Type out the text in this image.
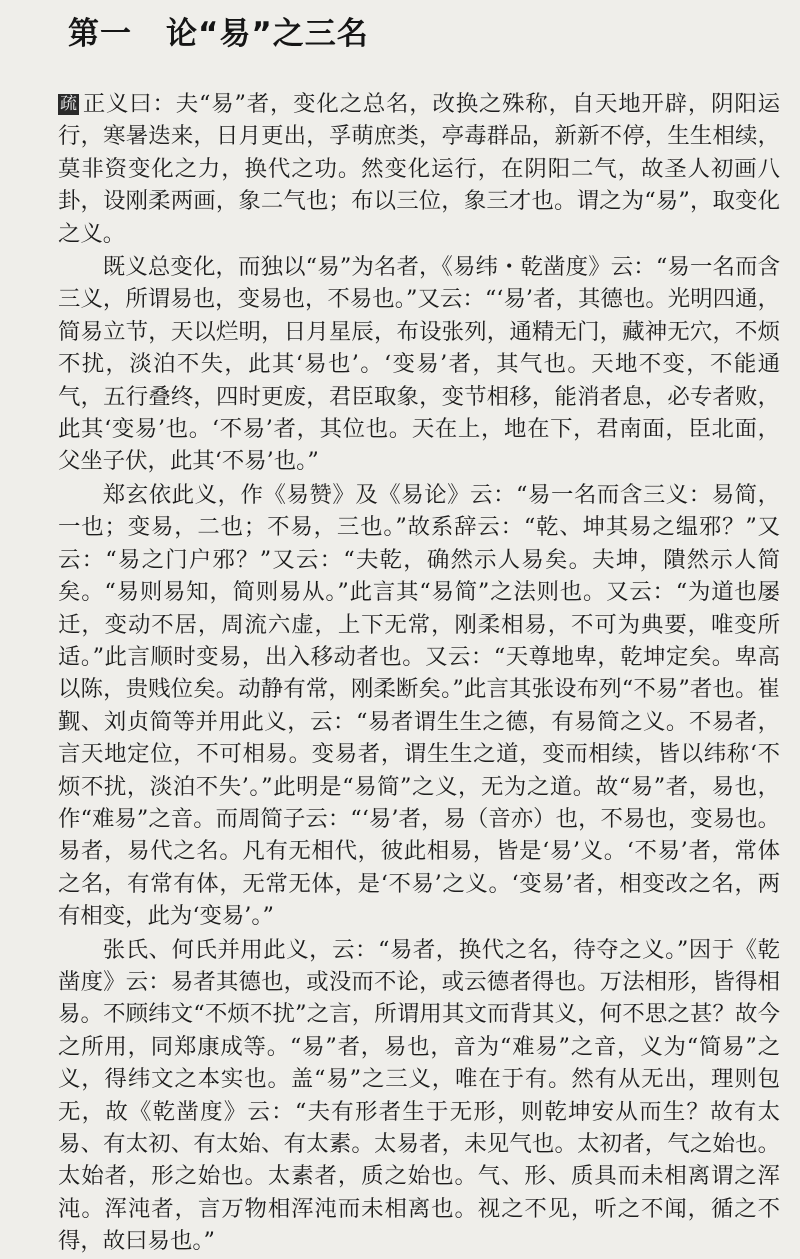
第一 论“易”之三名

疏 正义曰：夫“易”者，变化之总名，改换之殊称，自天地开辟，阴阳运行，寒暑迭来，日月更出，孚萌庶类，亭毒群品，新新不停，生生相续，莫非资变化之力，换代之功。然变化运行，在阴阳二气，故圣人初画八卦，设刚柔两画，象二气也；布以三位，象三才也。谓之为“易”，取变化之义。

既义总变化，而独以“易”为名者，《易纬・乾凿度》云：“易一名而含三义，所谓易也，变易也，不易也。”又云：“‘易’者，其德也。光明四通，简易立节，天以烂明，日月星辰，布设张列，通精无门，藏神无穴，不烦不扰，淡泊不失，此其‘易也’。‘变易’者，其气也。天地不变，不能通气，五行叠终，四时更废，君臣取象，变节相移，能消者息，必专者败，此其‘变易’也。‘不易’者，其位也。天在上，地在下，君南面，臣北面，父坐子伏，此其‘不易’也。”

郑玄依此义，作《易赞》及《易论》云：“易一名而含三义：易简，一也；变易，二也；不易，三也。”故系辞云：“乾、坤其易之缊邪？”又云：“易之门户邪？”又云：“夫乾，确然示人易矣。夫坤，隤然示人简矣。“易则易知，简则易从。”此言其“易简”之法则也。又云：“为道也屡迁，变动不居，周流六虚，上下无常，刚柔相易，不可为典要，唯变所适。”此言顺时变易，出入移动者也。又云：“天尊地卑，乾坤定矣。卑高以陈，贵贱位矣。动静有常，刚柔断矣。”此言其张设布列“不易”者也。崔觐、刘贞简等并用此义，云：“易者谓生生之德，有易简之义。不易者，言天地定位，不可相易。变易者，谓生生之道，变而相续，皆以纬称‘不烦不扰，淡泊不失’。”此明是“易简”之义，无为之道。故“易”者，易也，作“难易”之音。而周简子云：“‘易’者，易（音亦）也，不易也，变易也。易者，易代之名。凡有无相代，彼此相易，皆是‘易’义。‘不易’者，常体之名，有常有体，无常无体，是‘不易’之义。‘变易’者，相变改之名，两有相变，此为‘变易’。”

张氏、何氏并用此义，云：“易者，换代之名，待夺之义。”因于《乾凿度》云：易者其德也，或没而不论，或云德者得也。万法相形，皆得相易。不顾纬文“不烦不扰”之言，所谓用其文而背其义，何不思之甚？故今之所用，同郑康成等。“易”者，易也，音为“难易”之音，义为“简易”之义，得纬文之本实也。盖“易”之三义，唯在于有。然有从无出，理则包无，故《乾凿度》云：“夫有形者生于无形，则乾坤安从而生？故有太易、有太初、有太始、有太素。太易者，未见气也。太初者，气之始也。太始者，形之始也。太素者，质之始也。气、形、质具而未相离谓之浑沌。浑沌者，言万物相浑沌而未相离也。视之不见，听之不闻，循之不得，故曰易也。”
